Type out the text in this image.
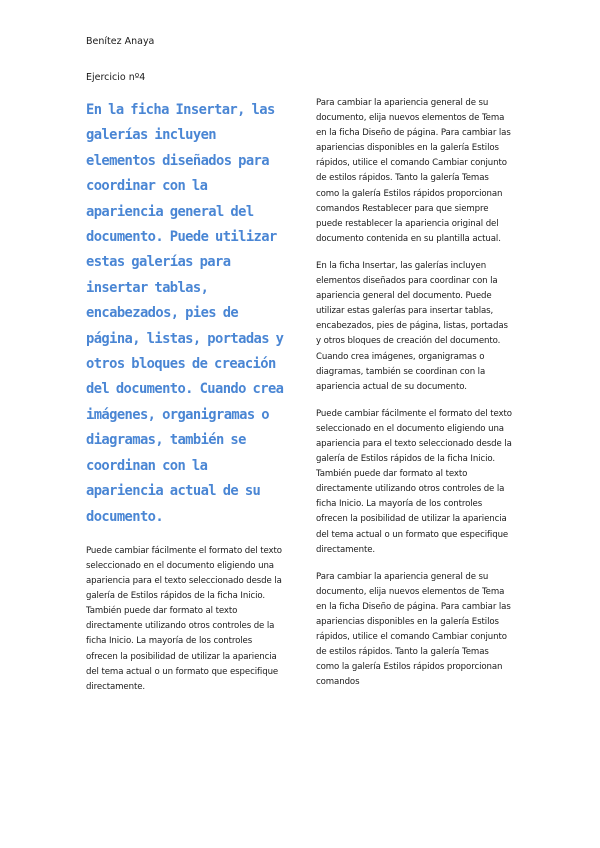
Benítez Anaya
Ejercicio nº4

En la ficha Insertar, las galerías incluyen elementos diseñados para coordinar con la apariencia general del documento. Puede utilizar estas galerías para insertar tablas, encabezados, pies de página, listas, portadas y otros bloques de creación del documento. Cuando crea imágenes, organigramas o diagramas, también se coordinan con la apariencia actual de su documento.

Puede cambiar fácilmente el formato del texto seleccionado en el documento eligiendo una apariencia para el texto seleccionado desde la galería de Estilos rápidos de la ficha Inicio. También puede dar formato al texto directamente utilizando otros controles de la ficha Inicio. La mayoría de los controles ofrecen la posibilidad de utilizar la apariencia del tema actual o un formato que especifique directamente.

Para cambiar la apariencia general de su documento, elija nuevos elementos de Tema en la ficha Diseño de página. Para cambiar las apariencias disponibles en la galería Estilos rápidos, utilice el comando Cambiar conjunto de estilos rápidos. Tanto la galería Temas como la galería Estilos rápidos proporcionan comandos Restablecer para que siempre puede restablecer la apariencia original del documento contenida en su plantilla actual.

En la ficha Insertar, las galerías incluyen elementos diseñados para coordinar con la apariencia general del documento. Puede utilizar estas galerías para insertar tablas, encabezados, pies de página, listas, portadas y otros bloques de creación del documento. Cuando crea imágenes, organigramas o diagramas, también se coordinan con la apariencia actual de su documento.

Puede cambiar fácilmente el formato del texto seleccionado en el documento eligiendo una apariencia para el texto seleccionado desde la galería de Estilos rápidos de la ficha Inicio. También puede dar formato al texto directamente utilizando otros controles de la ficha Inicio. La mayoría de los controles ofrecen la posibilidad de utilizar la apariencia del tema actual o un formato que especifique directamente.

Para cambiar la apariencia general de su documento, elija nuevos elementos de Tema en la ficha Diseño de página. Para cambiar las apariencias disponibles en la galería Estilos rápidos, utilice el comando Cambiar conjunto de estilos rápidos. Tanto la galería Temas como la galería Estilos rápidos proporcionan comandos
